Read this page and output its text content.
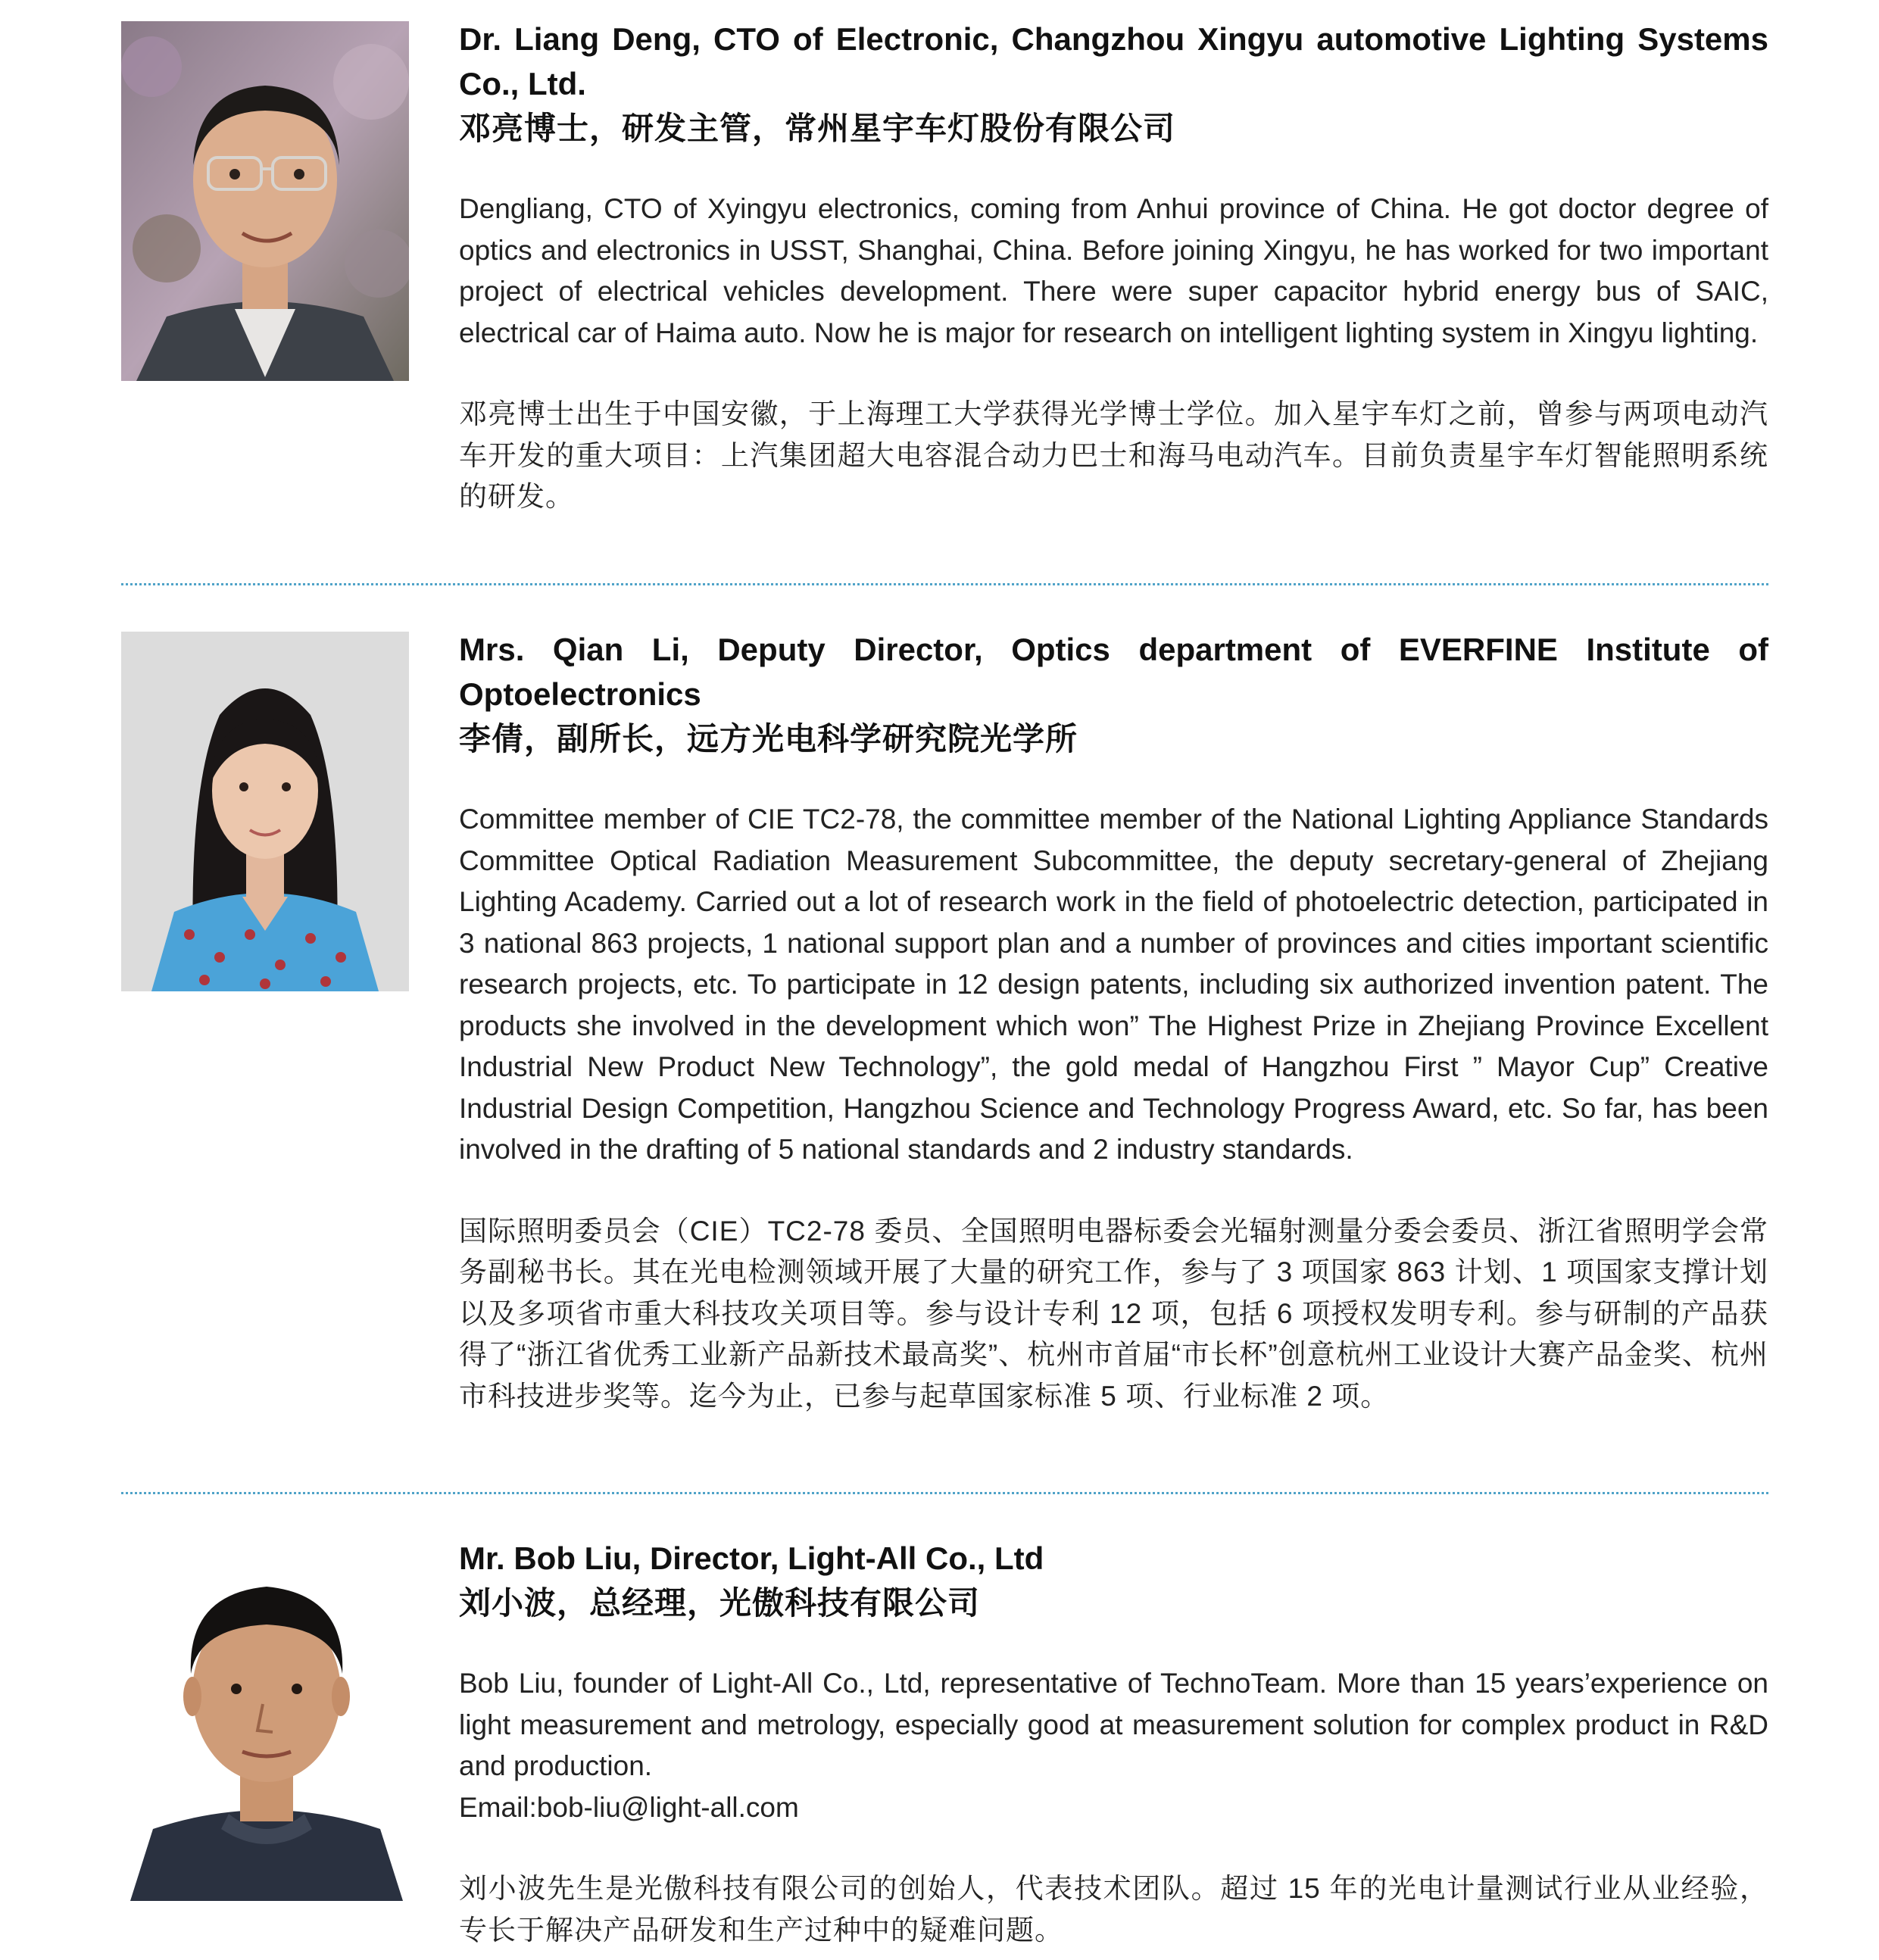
Dr. Liang Deng, CTO of Electronic, Changzhou Xingyu automotive Lighting Systems Co., Ltd.

邓亮博士，研发主管，常州星宇车灯股份有限公司

Dengliang, CTO of Xyingyu electronics, coming from Anhui province of China. He got doctor degree of optics and electronics in USST, Shanghai, China. Before joining Xingyu, he has worked for two important project of electrical vehicles development. There were super capacitor hybrid energy bus of SAIC, electrical car of Haima auto. Now he is major for research on intelligent lighting system in Xingyu lighting.

邓亮博士出生于中国安徽，于上海理工大学获得光学博士学位。加入星宇车灯之前，曾参与两项电动汽车开发的重大项目：上汽集团超大电容混合动力巴士和海马电动汽车。目前负责星宇车灯智能照明系统的研发。

Mrs. Qian Li, Deputy Director, Optics department of EVERFINE Institute of Optoelectronics

李倩，副所长，远方光电科学研究院光学所

Committee member of CIE TC2-78, the committee member of the National Lighting Appliance Standards Committee Optical Radiation Measurement Subcommittee, the deputy secretary-general of Zhejiang Lighting Academy. Carried out a lot of research work in the field of photoelectric detection, participated in 3 national 863 projects, 1 national support plan and a number of provinces and cities important scientific research projects, etc. To participate in 12 design patents, including six authorized invention patent. The products she involved in the development which won” The Highest Prize in Zhejiang Province Excellent Industrial New Product New Technology”, the gold medal of Hangzhou First ” Mayor Cup” Creative Industrial Design Competition, Hangzhou Science and Technology Progress Award, etc. So far, has been involved in the drafting of 5 national standards and 2 industry standards.

国际照明委员会（CIE）TC2-78 委员、全国照明电器标委会光辐射测量分委会委员、浙江省照明学会常务副秘书长。其在光电检测领域开展了大量的研究工作，参与了 3 项国家 863 计划、1 项国家支撑计划以及多项省市重大科技攻关项目等。参与设计专利 12 项，包括 6 项授权发明专利。参与研制的产品获得了“浙江省优秀工业新产品新技术最高奖”、杭州市首届“市长杯”创意杭州工业设计大赛产品金奖、杭州市科技进步奖等。迄今为止，已参与起草国家标准 5 项、行业标准 2 项。

Mr. Bob Liu, Director, Light-All Co., Ltd

刘小波，总经理，光傲科技有限公司

Bob Liu, founder of Light-All Co., Ltd, representative of TechnoTeam. More than 15 years’experience on light measurement and metrology, especially good at measurement solution for complex product in R&D and production.

Email:bob-liu@light-all.com

刘小波先生是光傲科技有限公司的创始人，代表技术团队。超过 15 年的光电计量测试行业从业经验，专长于解决产品研发和生产过种中的疑难问题。
